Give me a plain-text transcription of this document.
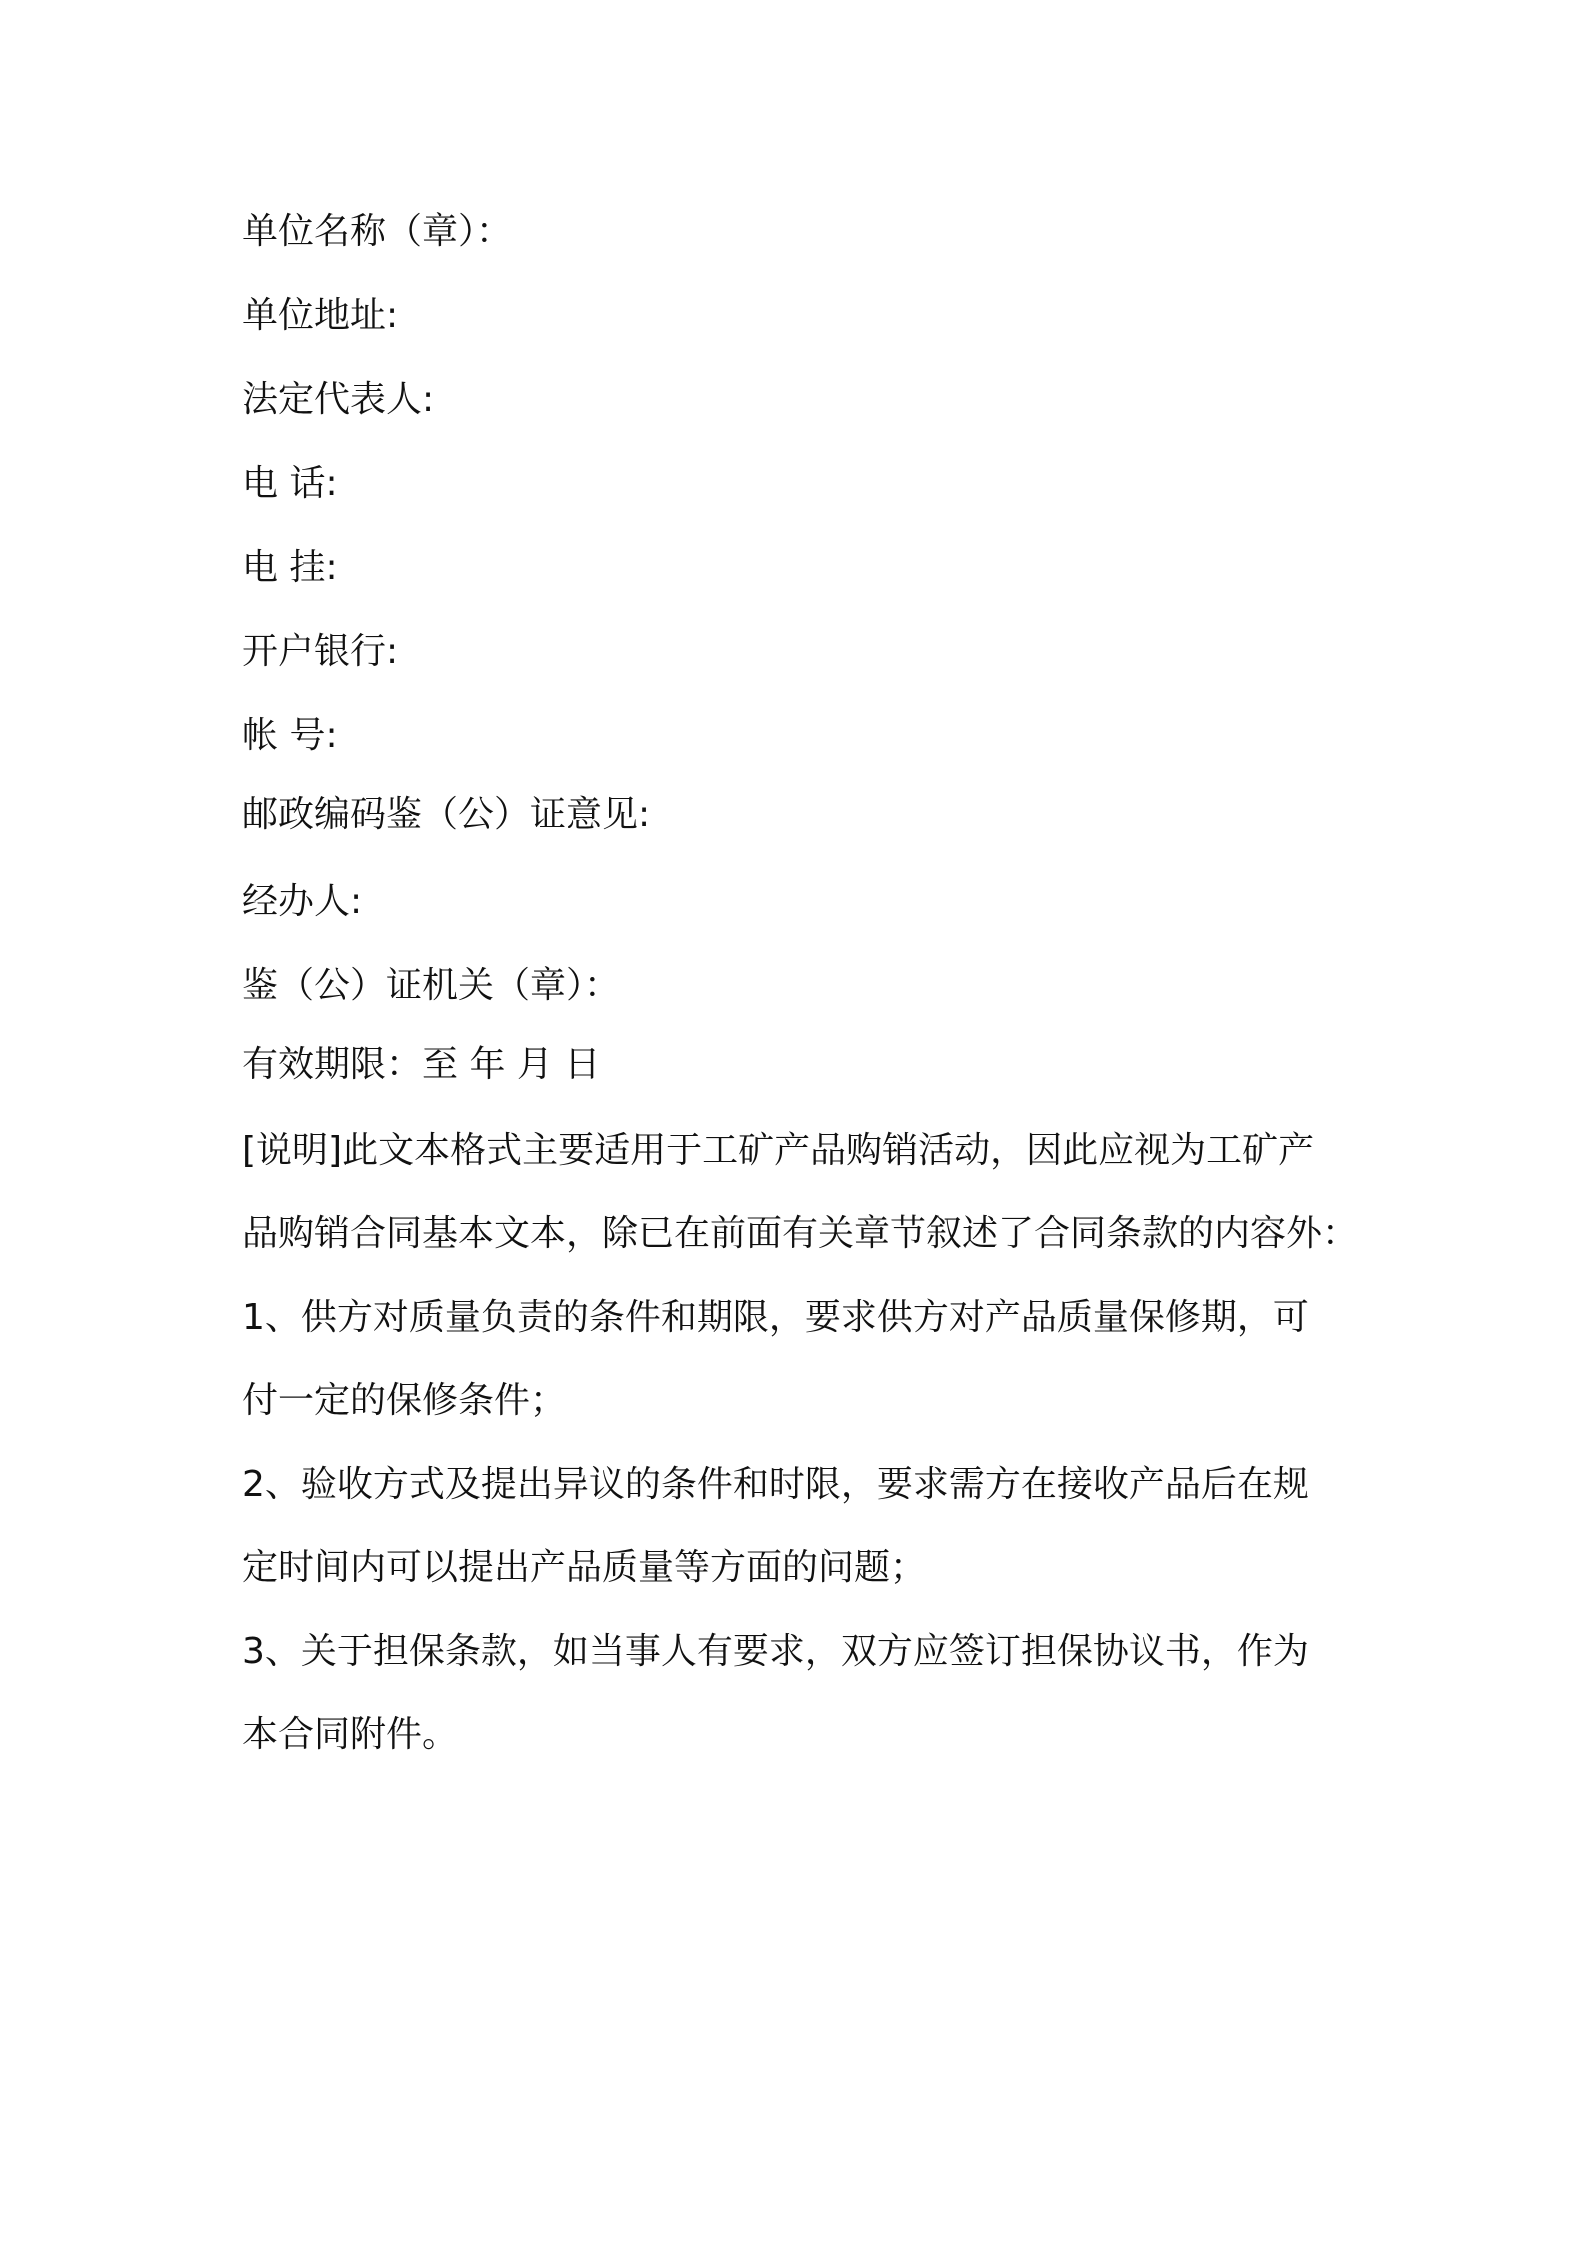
单位名称（章）：
单位地址:
法定代表人:
电 话:
电 挂:
开户银行:
帐 号:
邮政编码鉴（公）证意见:
经办人:
鉴（公）证机关（章）：
有效期限：至 年 月 日
[说明]此文本格式主要适用于工矿产品购销活动，因此应视为工矿产
品购销合同基本文本，除已在前面有关章节叙述了合同条款的内容外：
1、供方对质量负责的条件和期限，要求供方对产品质量保修期，可
付一定的保修条件；
2、验收方式及提出异议的条件和时限，要求需方在接收产品后在规
定时间内可以提出产品质量等方面的问题；
3、关于担保条款，如当事人有要求，双方应签订担保协议书，作为
本合同附件。
